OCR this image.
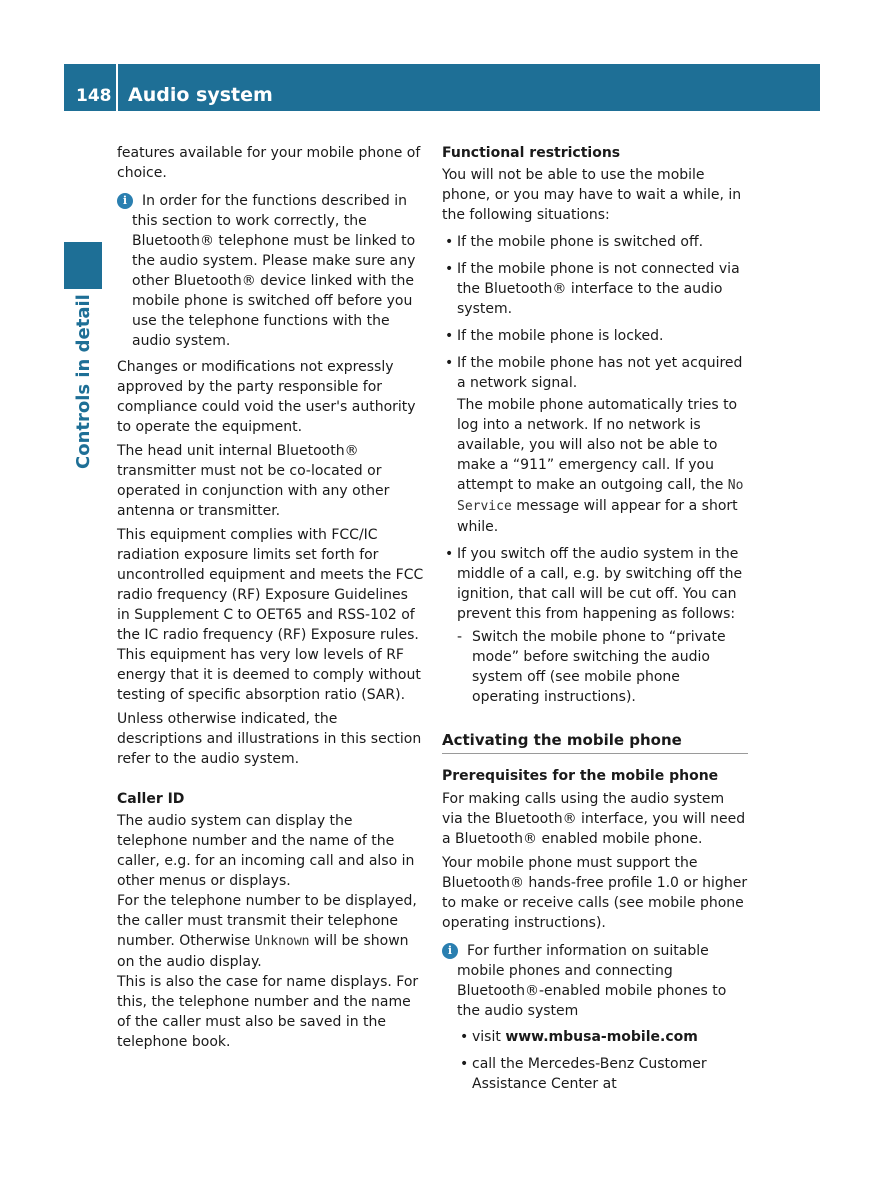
148 Audio system
Controls in detail

features available for your mobile phone of choice.

i	In order for the functions described in this section to work correctly, the Bluetooth® telephone must be linked to the audio system. Please make sure any other Bluetooth® device linked with the mobile phone is switched off before you use the telephone functions with the audio system.

Changes or modifications not expressly approved by the party responsible for compliance could void the user's authority to operate the equipment.

The head unit internal Bluetooth® transmitter must not be co-located or operated in conjunction with any other antenna or transmitter.

This equipment complies with FCC/IC radiation exposure limits set forth for uncontrolled equipment and meets the FCC radio frequency (RF) Exposure Guidelines in Supplement C to OET65 and RSS-102 of the IC radio frequency (RF) Exposure rules. This equipment has very low levels of RF energy that it is deemed to comply without testing of specific absorption ratio (SAR).

Unless otherwise indicated, the descriptions and illustrations in this section refer to the audio system.

Caller ID

The audio system can display the telephone number and the name of the caller, e.g. for an incoming call and also in other menus or displays.

For the telephone number to be displayed, the caller must transmit their telephone number. Otherwise Unknown will be shown on the audio display.

This is also the case for name displays. For this, the telephone number and the name of the caller must also be saved in the telephone book.

Functional restrictions

You will not be able to use the mobile phone, or you may have to wait a while, in the following situations:

• If the mobile phone is switched off.
• If the mobile phone is not connected via the Bluetooth® interface to the audio system.
• If the mobile phone is locked.
• If the mobile phone has not yet acquired a network signal.
The mobile phone automatically tries to log into a network. If no network is available, you will also not be able to make a “911” emergency call. If you attempt to make an outgoing call, the No Service message will appear for a short while.
• If you switch off the audio system in the middle of a call, e.g. by switching off the ignition, that call will be cut off. You can prevent this from happening as follows:
- Switch the mobile phone to “private mode” before switching the audio system off (see mobile phone operating instructions).
Activating the mobile phone
Prerequisites for the mobile phone

For making calls using the audio system via the Bluetooth® interface, you will need a Bluetooth® enabled mobile phone.

Your mobile phone must support the Bluetooth® hands-free profile 1.0 or higher to make or receive calls (see mobile phone operating instructions).

i	For further information on suitable mobile phones and connecting Bluetooth®-enabled mobile phones to the audio system
• visit www.mbusa-mobile.com
• call the Mercedes-Benz Customer Assistance Center at
